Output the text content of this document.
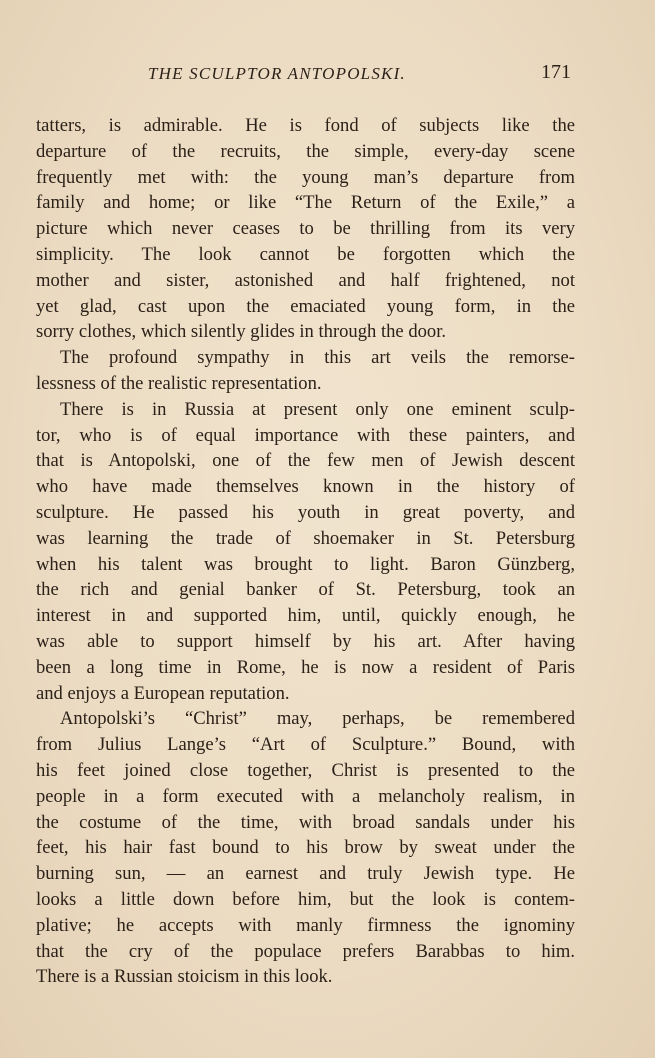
THE SCULPTOR ANTOPOLSKI.	171
tatters, is admirable. He is fond of subjects like the
departure of the recruits, the simple, every-day scene
frequently met with: the young man’s departure from
family and home; or like “The Return of the Exile,” a
picture which never ceases to be thrilling from its very
simplicity. The look cannot be forgotten which the
mother and sister, astonished and half frightened, not
yet glad, cast upon the emaciated young form, in the
sorry clothes, which silently glides in through the door.
The profound sympathy in this art veils the remorse-
lessness of the realistic representation.
There is in Russia at present only one eminent sculp-
tor, who is of equal importance with these painters, and
that is Antopolski, one of the few men of Jewish descent
who have made themselves known in the history of
sculpture. He passed his youth in great poverty, and
was learning the trade of shoemaker in St. Petersburg
when his talent was brought to light. Baron Günzberg,
the rich and genial banker of St. Petersburg, took an
interest in and supported him, until, quickly enough, he
was able to support himself by his art. After having
been a long time in Rome, he is now a resident of Paris
and enjoys a European reputation.
Antopolski’s “Christ” may, perhaps, be remembered
from Julius Lange’s “Art of Sculpture.” Bound, with
his feet joined close together, Christ is presented to the
people in a form executed with a melancholy realism, in
the costume of the time, with broad sandals under his
feet, his hair fast bound to his brow by sweat under the
burning sun, — an earnest and truly Jewish type. He
looks a little down before him, but the look is contem-
plative; he accepts with manly firmness the ignominy
that the cry of the populace prefers Barabbas to him.
There is a Russian stoicism in this look.
